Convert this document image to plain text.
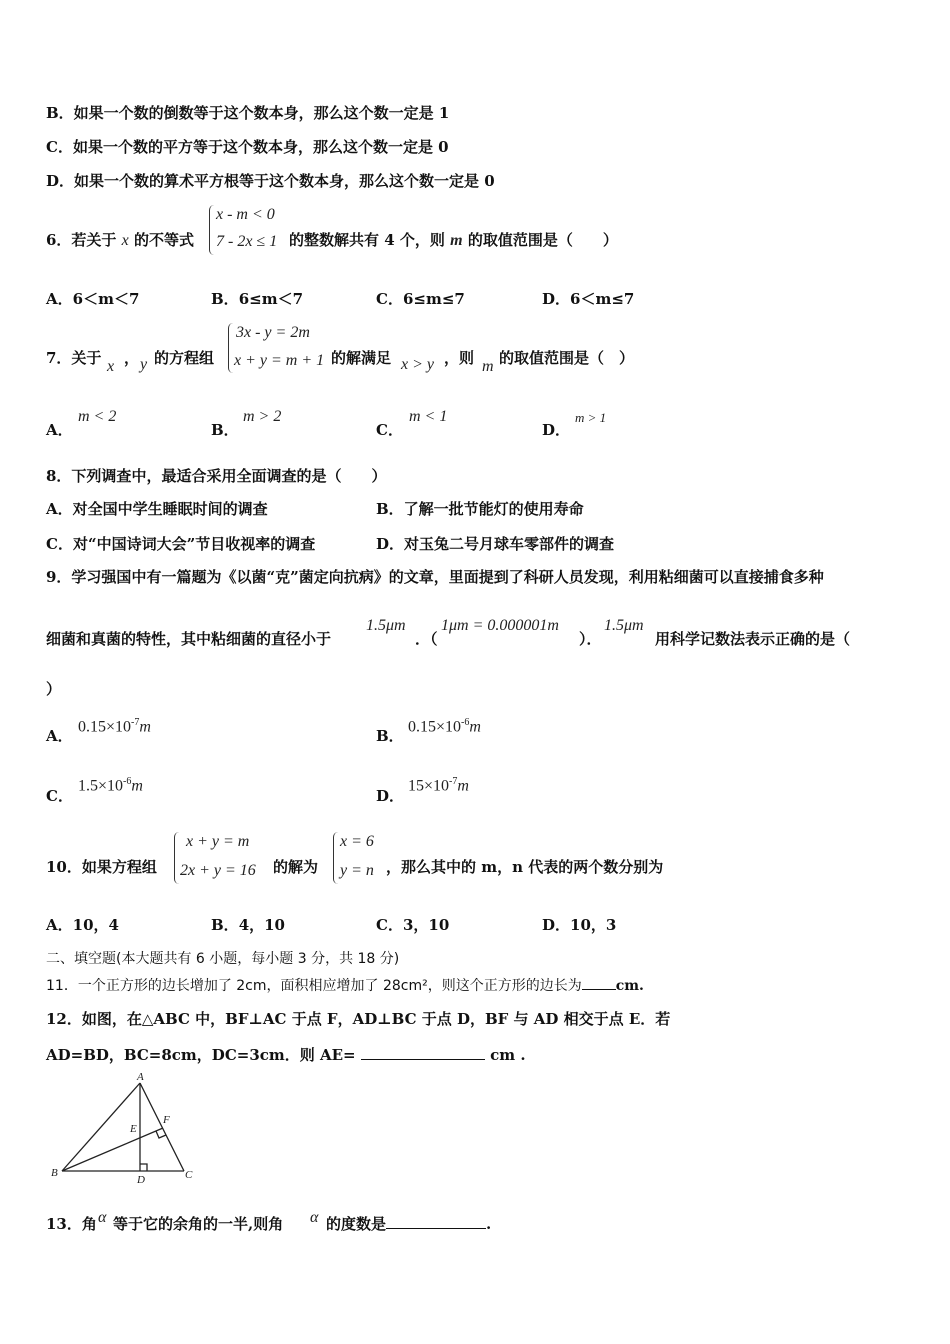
B．如果一个数的倒数等于这个数本身，那么这个数一定是 1
C．如果一个数的平方等于这个数本身，那么这个数一定是 0
D．如果一个数的算术平方根等于这个数本身，那么这个数一定是 0
6．若关于 x 的不等式
x - m < 0
7 - 2x ≤ 1 的整数解共有 4 个，则 m 的取值范围是（　　）
A．6＜m＜7	B．6≤m＜7	C．6≤m≤7	D．6＜m≤7
7．关于 x ， y 的方程组
3x - y = 2m
x + y = m + 1 的解满足 x > y ，则 m 的取值范围是（　）
A．
m < 2
B．
m > 2
C．
m < 1
D．
m > 1
8．下列调查中，最适合采用全面调查的是（　　）
A．对全国中学生睡眠时间的调查	B．了解一批节能灯的使用寿命
C．对“中国诗词大会”节目收视率的调查	D．对玉兔二号月球车零部件的调查
9．学习强国中有一篇题为《以菌“克”菌定向抗病》的文章，里面提到了科研人员发现，利用粘细菌可以直接捕食多种
细菌和真菌的特性，其中粘细菌的直径小于
1.5μm
．（
1μm = 0.000001m
）．
1.5μm
用科学记数法表示正确的是（
）
A．
$0.15\times 10^{-7}m$
B．
$0.15\times 10^{-6}m$
C．
$1.5\times 10^{-6}m$
D．
$15\times 10^{-7}m$
10．如果方程组
x + y = m
2x + y = 16 的解为
x = 6
y = n ，那么其中的 m，n 代表的两个数分别为
A．10，4	B．4，10	C．3，10	D．10，3
二、填空题(本大题共有 6 小题，每小题 3 分，共 18 分)
11．一个正方形的边长增加了 2cm，面积相应增加了 28cm²，则这个正方形的边长为 cm.
12．如图，在△ABC 中，BF⊥AC 于点 F，AD⊥BC 于点 D，BF 与 AD 相交于点 E．若
AD=BD，BC=8cm，DC=3cm．则 AE=	cm .
A
B	C
D
E
F
13．角 α 等于它的余角的一半,则角 α 的度数是	.
